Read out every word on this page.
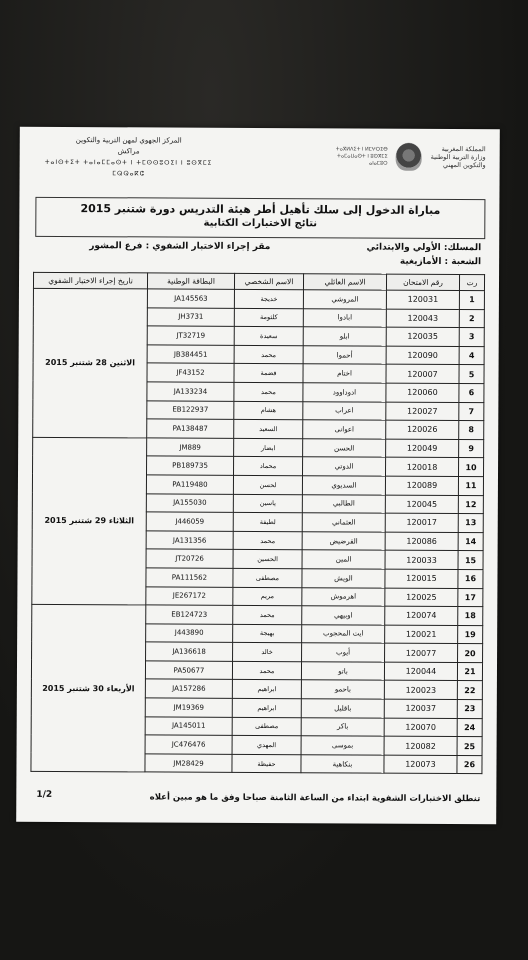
المركز الجهوي لمهن التربية والتكوين
مراكش
ⵜⴰⵏⵙⵜⵉⵜ ⵜⴰⵏⴰⵎⵎⴰⵙⵜ ⵏ ⵜⵎⵙⵙⵓⵔⵉⵏ ⵏ ⵓⵙⴳⵎⵉ
ⵎⵕⵕⴰⴽⵛ
ⵜⴰⴳⵍⴷⵉⵜ ⵏ ⵍⵎⵖⵔⵉⴱ ⵜⴰⵎⴰⵡⴰⵙⵜ ⵏ ⵓⵙⴳⵎⵉ ⴰⵏⴰⵎⵓⵔ
المملكة المغربية وزارة التربية الوطنية والتكوين المهني
مباراة الدخول إلى سلك تأهيل أطر هيئة التدريس دورة شتنبر 2015
نتائج الاختبارات الكتابية
المسلك: الأولي والابتدائي
الشعبة : الأمازيغية
مقر إجراء الاختبار الشفوي : فرع المشور
رت	رقم الامتحان	الاسم العائلي	الاسم الشخصي	البطاقة الوطنية	تاريخ إجراء الاختبار الشفوي
1	120031	المروشي	خديجة	JA145563	الاثنين 28 شتنبر 2015
2	120043	ابادوا	كلثومة	JH3731	
3	120035	ابلو	سعيدة	JT32719	
4	120090	أحموا	محمد	JB384451	
5	120007	اختام	فضمة	JF43152	
6	120060	ادوداوود	محمد	JA133234	
7	120027	اعراب	هشام	EB122937	
8	120026	اعوانى	السعيد	PA138487	
9	120049	الحسن	ابضار	JM889	الثلاثاء 29 شتنبر 2015
10	120018	الدوتي	محماد	PB189735	
11	120089	السديوي	لحسن	PA119480	
12	120045	الطالبي	ياسين	JA155030	
13	120017	العثماني	لطيفة	J446059	
14	120086	القرضيض	محمد	JA131356	
15	120033	المين	الحسين	JT20726	
16	120015	الويش	مصطفى	PA111562	
17	120025	اهرموش	مريم	JE267172	
18	120074	اوبيهي	محمد	EB124723	الأربعاء 30 شتنبر 2015
19	120021	ايت المحجوب	بهيجة	J443890	
20	120077	أيوب	خالد	JA136618	
21	120044	باتو	محمد	PA50677	
22	120023	باحمو	ابراهيم	JA157286	
23	120037	باقليل	ابراهيم	JM19369	
24	120070	باكر	مصطفى	JA145011	
25	120082	بموسى	المهدي	JC476476	
26	120073	بنكاهية	حفيظة	JM28429	
تنطلق الاختبارات الشفوية ابتداء من الساعة الثامنة صباحا وفق ما هو مبين أعلاه
1/2
